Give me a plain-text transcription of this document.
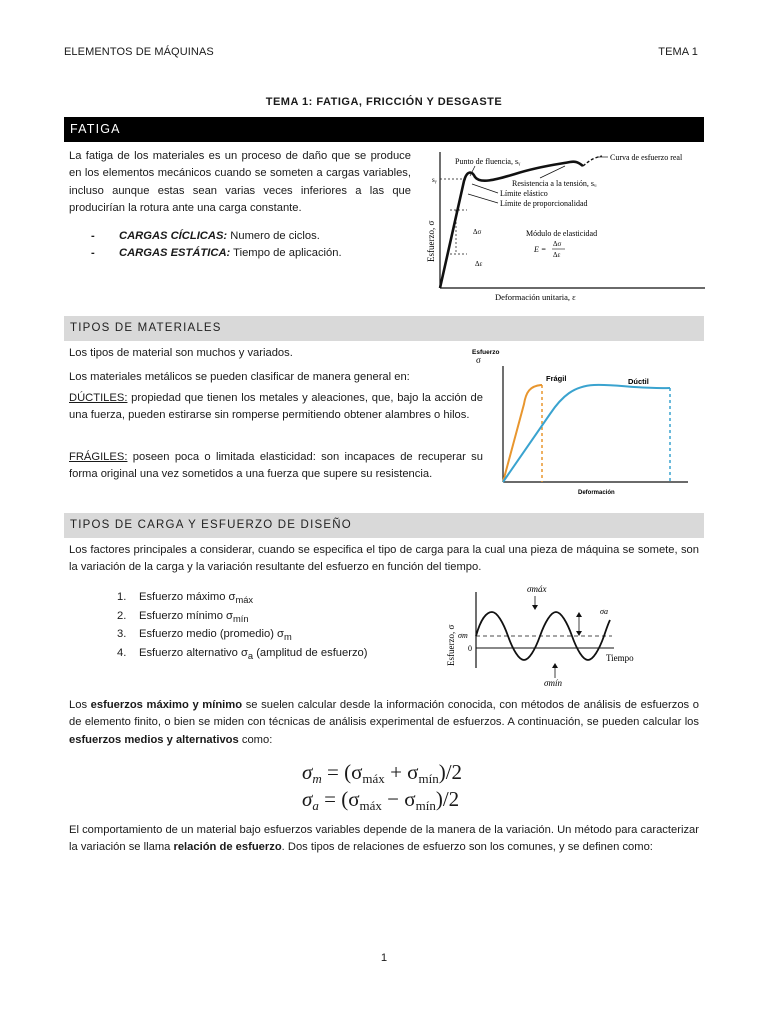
ELEMENTOS DE MÁQUINAS	TEMA 1
TEMA 1: FATIGA, FRICCIÓN Y DESGASTE
FATIGA

La fatiga de los materiales es un proceso de daño que se produce en los elementos mecánicos cuando se someten a cargas variables, incluso aunque estas sean varias veces inferiores a las que producirían la rotura ante una carga constante.

- CARGAS CÍCLICAS: Numero de ciclos.
- CARGAS ESTÁTICA: Tiempo de aplicación.	Esfuerzo, σ
Deformación unitaria, ε
sᵧ
Δσ
Δε
Punto de fluencia, sᵧ	Curva de esfuerzo real
Resistencia a la tensión, sᵤ
Límite elástico
Límite de proporcionalidad
Módulo de elasticidad
E =
Δσ
Δε
TIPOS DE MATERIALES

Los tipos de material son muchos y variados.

Los materiales metálicos se pueden clasificar de manera general en:

DÚCTILES: propiedad que tienen los metales y aleaciones, que, bajo la acción de una fuerza, pueden estirarse sin romperse permitiendo obtener alambres o hilos.

FRÁGILES: poseen poca o limitada elasticidad: son incapaces de recuperar su forma original una vez sometidos a una fuerza que supere su resistencia.

Esfuerzo
σ
Deformación
Frágil	Dúctil
TIPOS DE CARGA Y ESFUERZO DE DISEÑO

Los factores principales a considerar, cuando se especifica el tipo de carga para la cual una pieza de máquina se somete, son la variación de la carga y la variación resultante del esfuerzo en función del tiempo.

1. Esfuerzo máximo $\sigma_{máx}$
2. Esfuerzo mínimo $\sigma_{mín}$
3. Esfuerzo medio (promedio) $\sigma_m$
4. Esfuerzo alternativo $\sigma_a$ (amplitud de esfuerzo)	Esfuerzo, σ
σmáx
σmín
σa
σm
0
Tiempo

Los esfuerzos máximo y mínimo se suelen calcular desde la información conocida, con métodos de análisis de esfuerzos o de elemento finito, o bien se miden con técnicas de análisis experimental de esfuerzos. A continuación, se pueden calcular los esfuerzos medios y alternativos como:

$\sigma_m = (\sigma_{máx} + \sigma_{mín})/2$
$\sigma_a = (\sigma_{máx} - \sigma_{mín})/2$

El comportamiento de un material bajo esfuerzos variables depende de la manera de la variación. Un método para caracterizar la variación se llama relación de esfuerzo. Dos tipos de relaciones de esfuerzo son los comunes, y se definen como:

1
